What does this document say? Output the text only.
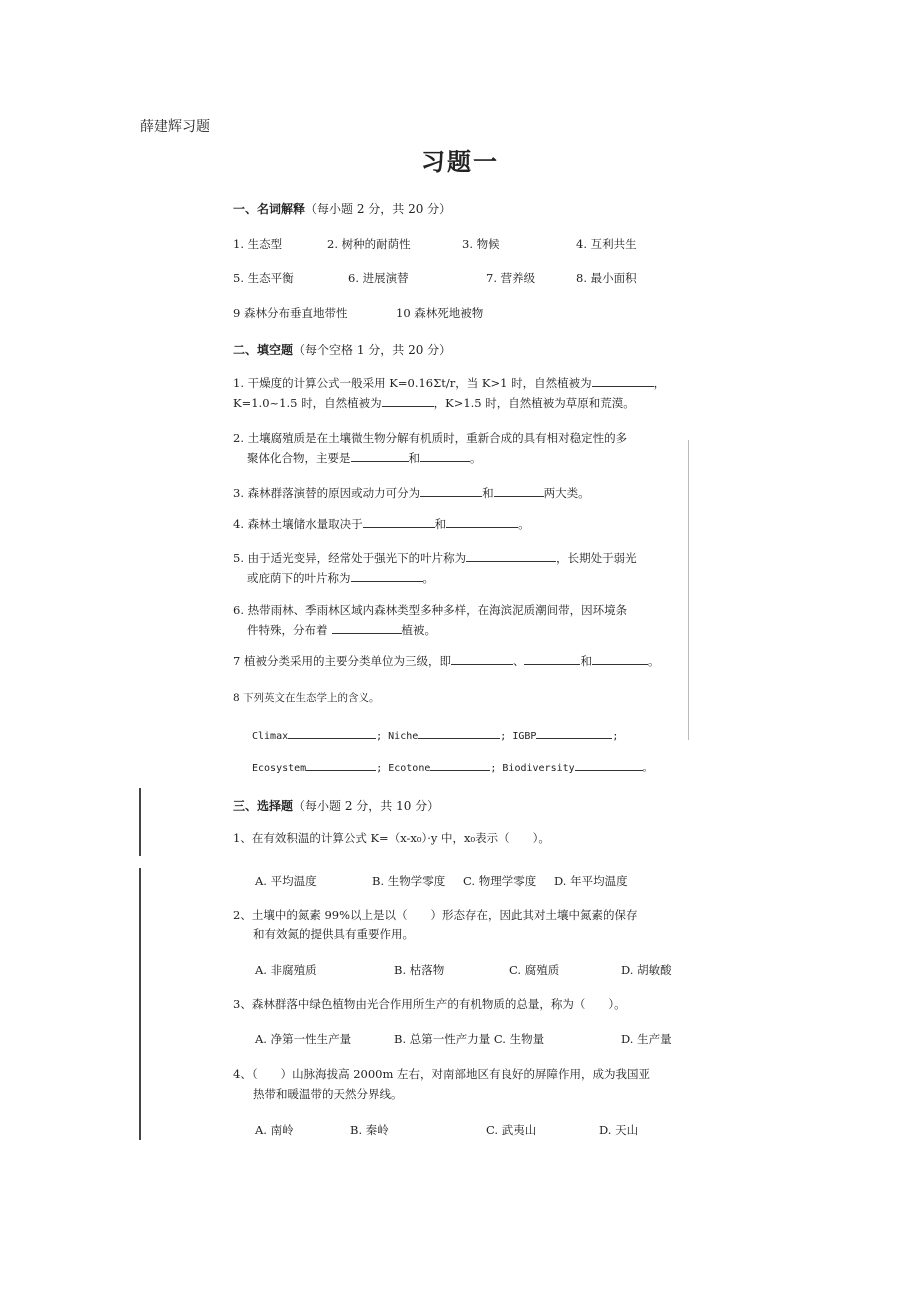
薛建辉习题
习题一
一、名词解释（每小题 2 分，共 20 分）
1. 生态型	2. 树种的耐荫性	3. 物候	4. 互利共生
5. 生态平衡	6. 进展演替	7. 营养级	8. 最小面积
9 森林分布垂直地带性	10 森林死地被物
二、填空题（每个空格 1 分，共 20 分）
1. 干燥度的计算公式一般采用 K=0.16Σt/r，当 K>1 时，自然植被为	，
K=1.0~1.5 时，自然植被为	，K>1.5 时，自然植被为草原和荒漠。
2. 土壤腐殖质是在土壤微生物分解有机质时，重新合成的具有相对稳定性的多
聚体化合物，主要是	和	。
3. 森林群落演替的原因或动力可分为	和	两大类。
4. 森林土壤储水量取决于	和	。
5. 由于适光变异，经常处于强光下的叶片称为	，长期处于弱光
或庇荫下的叶片称为	。
6. 热带雨林、季雨林区域内森林类型多种多样，在海滨泥质潮间带，因环境条
件特殊，分布着	植被。
7 植被分类采用的主要分类单位为三级，即	、	和	。
8 下列英文在生态学上的含义。
Climax	; Niche	; IGBP	;
Ecosystem	; Ecotone	; Biodiversity	。
三、选择题（每小题 2 分，共 10 分）
1、在有效积温的计算公式 K=（x-x₀）·y 中，x₀表示（　　）。
A. 平均温度	B. 生物学零度 C. 物理学零度 D. 年平均温度
2、土壤中的氮素 99%以上是以（　　）形态存在，因此其对土壤中氮素的保存
和有效氮的提供具有重要作用。
A. 非腐殖质	B. 枯落物	C. 腐殖质	D. 胡敏酸
3、森林群落中绿色植物由光合作用所生产的有机物质的总量，称为（　　）。
A. 净第一性生产量	B. 总第一性产力量 C. 生物量	D. 生产量
4、（　　）山脉海拔高 2000m 左右，对南部地区有良好的屏障作用，成为我国亚
热带和暖温带的天然分界线。
A. 南岭	B. 秦岭	C. 武夷山	D. 天山
